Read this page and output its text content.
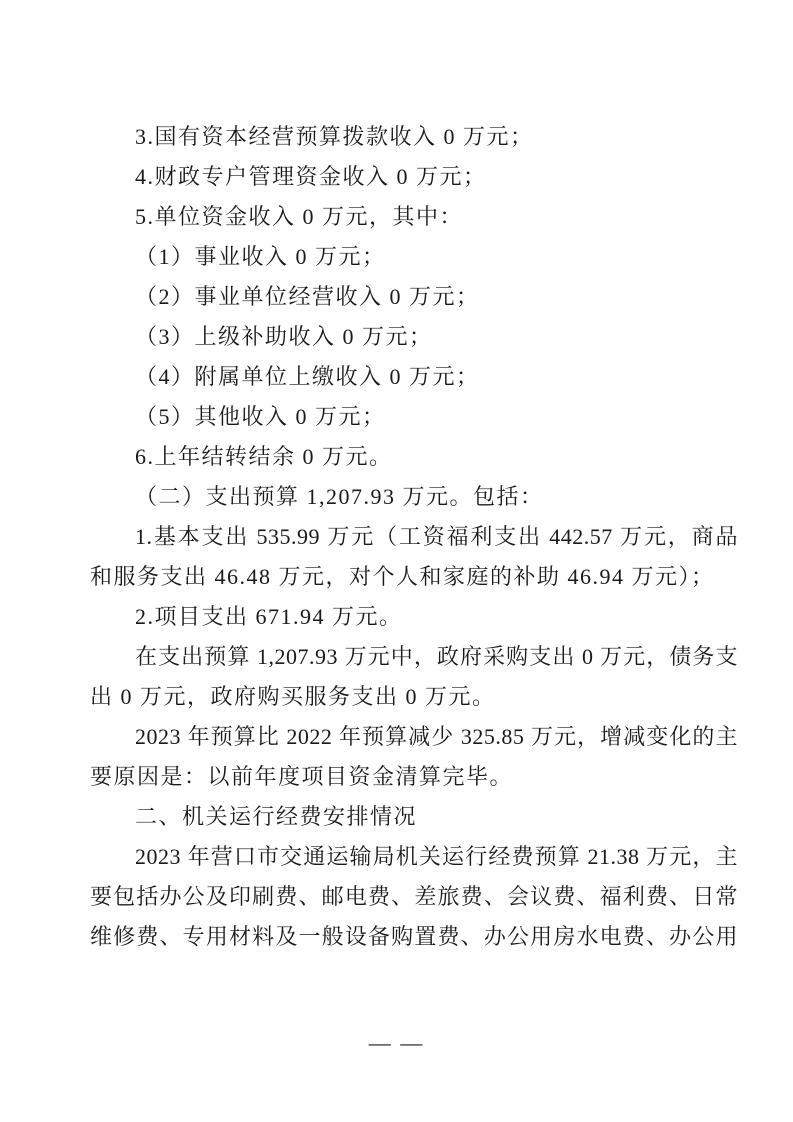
3.国有资本经营预算拨款收入 0 万元；
4.财政专户管理资金收入 0 万元；
5.单位资金收入 0 万元，其中：
（1）事业收入 0 万元；
（2）事业单位经营收入 0 万元；
（3）上级补助收入 0 万元；
（4）附属单位上缴收入 0 万元；
（5）其他收入 0 万元；
6.上年结转结余 0 万元。
（二）支出预算 1,207.93 万元。包括：
1.基本支出 535.99 万元（工资福利支出 442.57 万元，商品
和服务支出 46.48 万元，对个人和家庭的补助 46.94 万元）；
2.项目支出 671.94 万元。
在支出预算 1,207.93 万元中，政府采购支出 0 万元，债务支
出 0 万元，政府购买服务支出 0 万元。
2023 年预算比 2022 年预算减少 325.85 万元，增减变化的主
要原因是：以前年度项目资金清算完毕。
二、机关运行经费安排情况
2023 年营口市交通运输局机关运行经费预算 21.38 万元，主
要包括办公及印刷费、邮电费、差旅费、会议费、福利费、日常
维修费、专用材料及一般设备购置费、办公用房水电费、办公用
— —
